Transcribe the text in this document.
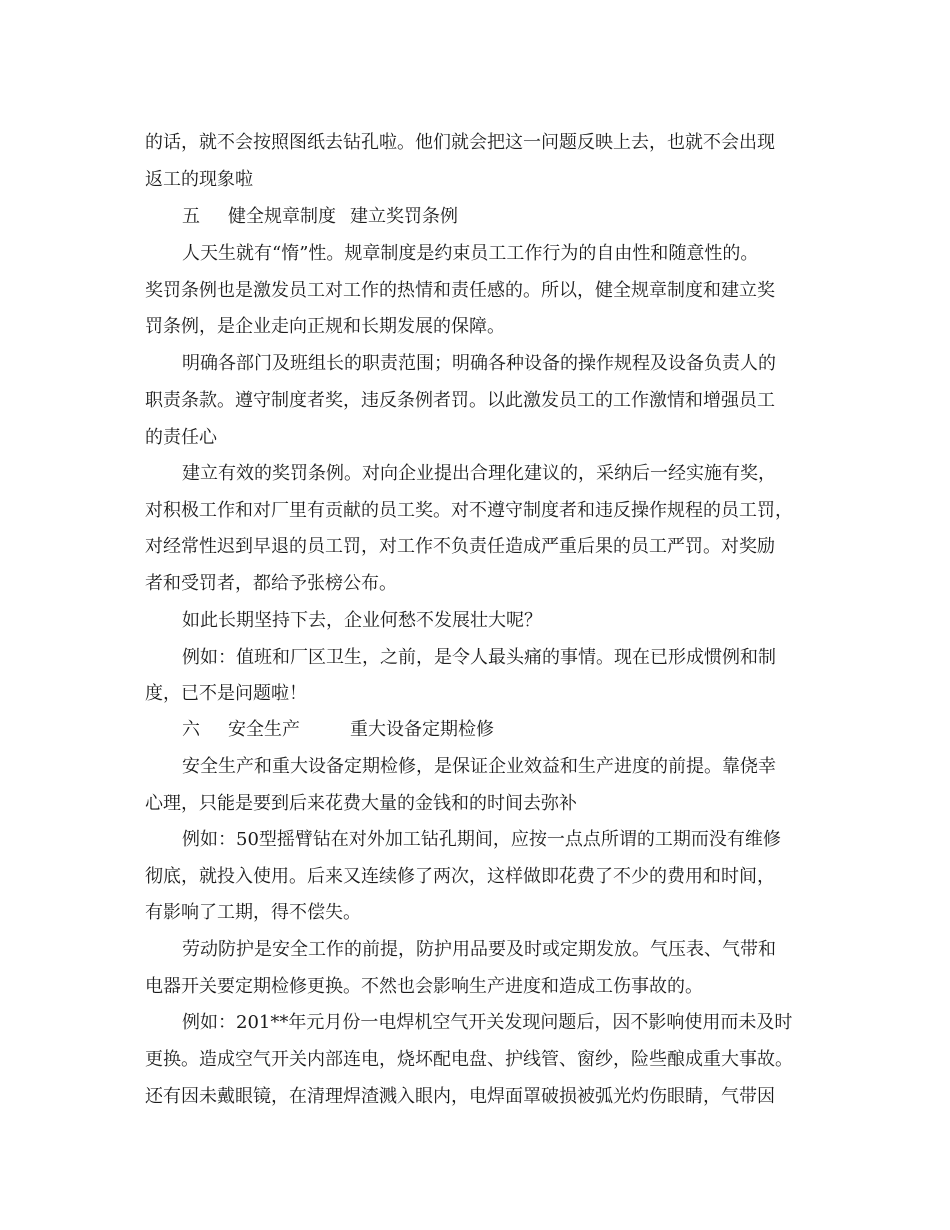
的话，就不会按照图纸去钻孔啦。他们就会把这一问题反映上去，也就不会出现
返工的现象啦
五 健全规章制度 建立奖罚条例
人天生就有“惰”性。规章制度是约束员工工作行为的自由性和随意性的。
奖罚条例也是激发员工对工作的热情和责任感的。所以，健全规章制度和建立奖
罚条例，是企业走向正规和长期发展的保障。
明确各部门及班组长的职责范围；明确各种设备的操作规程及设备负责人的
职责条款。遵守制度者奖，违反条例者罚。以此激发员工的工作激情和增强员工
的责任心
建立有效的奖罚条例。对向企业提出合理化建议的，采纳后一经实施有奖，
对积极工作和对厂里有贡献的员工奖。对不遵守制度者和违反操作规程的员工罚，
对经常性迟到早退的员工罚，对工作不负责任造成严重后果的员工严罚。对奖励
者和受罚者，都给予张榜公布。
如此长期坚持下去，企业何愁不发展壮大呢？
例如：值班和厂区卫生，之前，是令人最头痛的事情。现在已形成惯例和制
度，已不是问题啦！
六 安全生产	重大设备定期检修
安全生产和重大设备定期检修，是保证企业效益和生产进度的前提。靠侥幸
心理，只能是要到后来花费大量的金钱和的时间去弥补
例如：50型摇臂钻在对外加工钻孔期间，应按一点点所谓的工期而没有维修
彻底，就投入使用。后来又连续修了两次，这样做即花费了不少的费用和时间，
有影响了工期，得不偿失。
劳动防护是安全工作的前提，防护用品要及时或定期发放。气压表、气带和
电器开关要定期检修更换。不然也会影响生产进度和造成工伤事故的。
例如：201**年元月份一电焊机空气开关发现问题后，因不影响使用而未及时
更换。造成空气开关内部连电，烧坏配电盘、护线管、窗纱，险些酿成重大事故。
还有因未戴眼镜，在清理焊渣溅入眼内，电焊面罩破损被弧光灼伤眼睛，气带因
